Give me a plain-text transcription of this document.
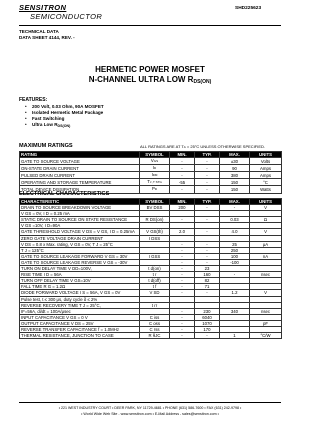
SENSITRON
SEMICONDUCTOR
SHD225623
TECHNICAL DATA
DATA SHEET 4144, REV. -
HERMETIC POWER MOSFET
N-CHANNEL ULTRA LOW $R_{DS(ON)}$
FEATURES:
• 200 Volt, 0.03 Ohm, 90A MOSFET
• Isolated Hermetic Metal Package
• Fast Switching
• Ultra Low $R_{DS(ON)}$
MAXIMUM RATINGS	ALL RATINGS ARE AT TA = 25°C UNLESS OTHERWISE SPECIFIED.
RATING	SYMBOL	MIN.	TYP.	MAX.	UNITS
GATE TO SOURCE VOLTAGE	VGS	-	-	±30	Volts
ON-STATE DRAIN CURRENT	ID	-	-	90	Amps
PULSED DRAIN CURRENT	IDM	-	-	380	Amps
OPERATING AND STORAGE TEMPERATURE	TJ ,T STG	-55	-	150	°C
TOTAL DEVICE DISSIPATION	PD	-	-	150	Watts
ELECTRICAL CHARACTERISTICS
CHARACTERISTIC	SYMBOL	MIN.	TYP.	MAX.	UNITS
DRAIN TO SOURCE BREAKDOWN VOLTAGE	BV DSS	200	-	-	V
V GS = 0V, I D = 0.25 mA					
STATIC DRAIN TO SOURCE ON STATE RESISTANCE	R DS(on)	-	-	0.03	Ω
V GS =10V, I D=90A					
GATE THRESHOLD VOLTAGE V DS = V GS, I D = 0.25mA	V GS(th)	2.0	-	4.0	V
ZERO GATE VOLTAGE DRAIN CURRENT	I DSS				
V DS = 0.8 x Max. rating, V GS = 0V, T J = 25°C		-	-	25	μA
T J = 125°C		-	-	250	
GATE TO SOURCE LEAKAGE FORWARD V GS = 30V	I GSS	-	-	100	nA
GATE TO SOURCE LEAKAGE REVERSE V GS = -30V		-	-	-100	
TURN ON DELAY TIME V DD=100V,	t d(on)	-	23		
RISE TIME I D = 56A	t r	-	160	-	nsec
TURN OFF DELAY TIME V GS=10V	t d(off)	-	82		
FALL TIME R G = 1.2Ω	t f	-	71		
DIODE FORWARD VOLTAGE I S = 56A, V GS = 0V	V SD	-	-	1.2	V
Pulse test, t ≤ 300 μs, duty cycle δ ≤ 2%					
REVERSE RECOVERY TIME T J = 25°C,	t rr				
IF=56A, di/dt = 100A/μsec		-	230	340	nsec
INPUT CAPACITANCE V GS = 0 V	C iss	-	6040		
OUTPUT CAPACITANCE V DS = 25V	C oss	-	1070		pF
REVERSE TRANSFER CAPACITANCE f = 1.0MHz	C rss	-	170		
THERMAL RESISTANCE, JUNCTION TO CASE	R θJC	-	-	1	°C/W
• 221 WEST INDUSTRY COURT • DEER PARK, NY 11729-4681 • PHONE (631) 586-7600 • FAX (631) 242-9798 •
• World Wide Web Site - www.sensitron.com • E-Mail Address - sales@sensitron.com •
